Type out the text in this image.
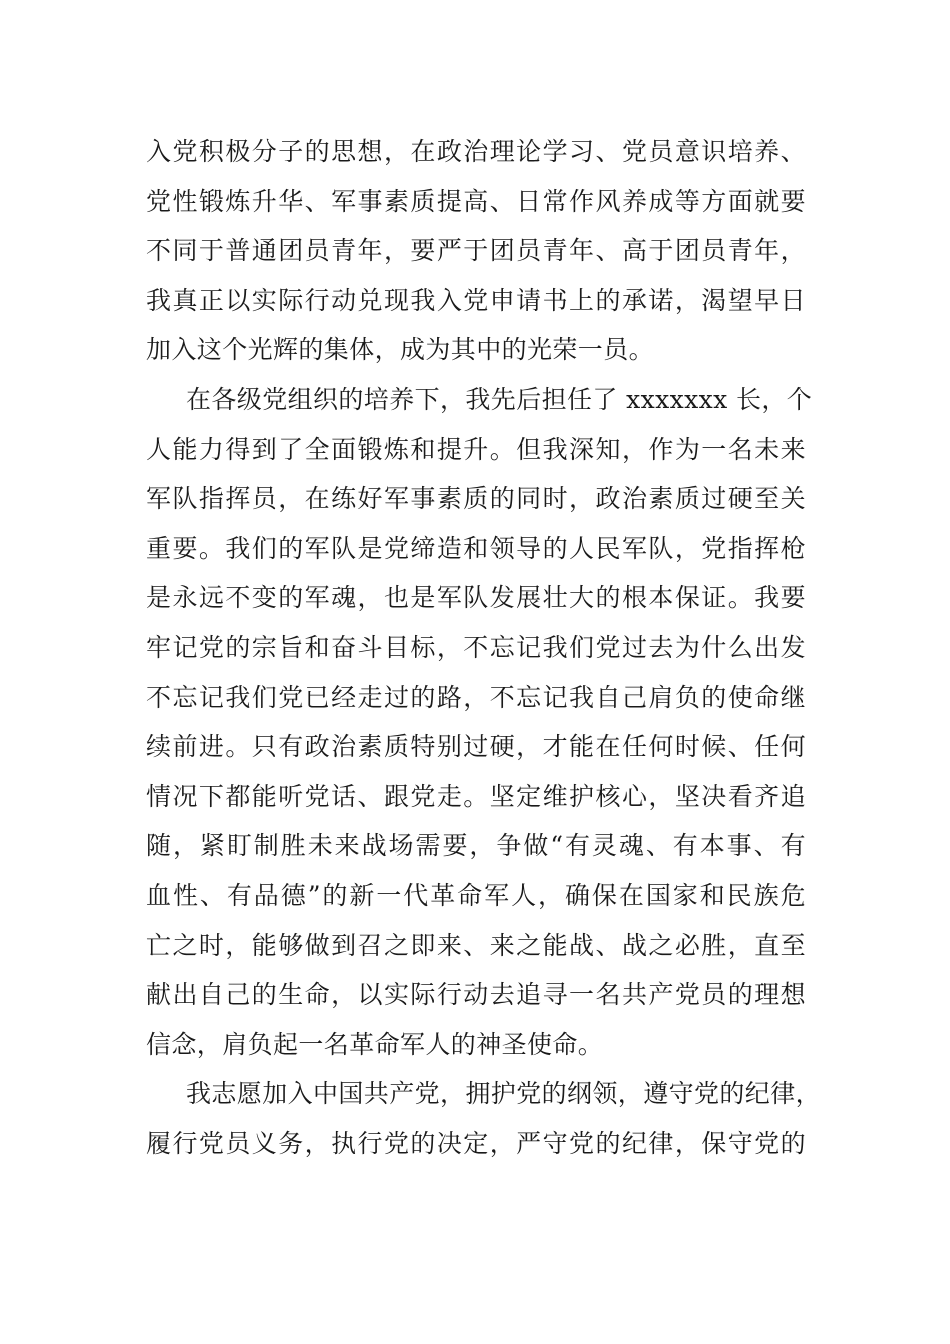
入党积极分子的思想，在政治理论学习、党员意识培养、
党性锻炼升华、军事素质提高、日常作风养成等方面就要
不同于普通团员青年，要严于团员青年、高于团员青年，
我真正以实际行动兑现我入党申请书上的承诺，渴望早日
加入这个光辉的集体，成为其中的光荣一员。
在各级党组织的培养下，我先后担任了 xxxxxxx 长，个
人能力得到了全面锻炼和提升。但我深知，作为一名未来
军队指挥员，在练好军事素质的同时，政治素质过硬至关
重要。我们的军队是党缔造和领导的人民军队，党指挥枪
是永远不变的军魂，也是军队发展壮大的根本保证。我要
牢记党的宗旨和奋斗目标，不忘记我们党过去为什么出发
不忘记我们党已经走过的路，不忘记我自己肩负的使命继
续前进。只有政治素质特别过硬，才能在任何时候、任何
情况下都能听党话、跟党走。坚定维护核心，坚决看齐追
随，紧盯制胜未来战场需要，争做“有灵魂、有本事、有
血性、有品德”的新一代革命军人，确保在国家和民族危
亡之时，能够做到召之即来、来之能战、战之必胜，直至
献出自己的生命，以实际行动去追寻一名共产党员的理想
信念，肩负起一名革命军人的神圣使命。
我志愿加入中国共产党，拥护党的纲领，遵守党的纪律，
履行党员义务，执行党的决定，严守党的纪律，保守党的
